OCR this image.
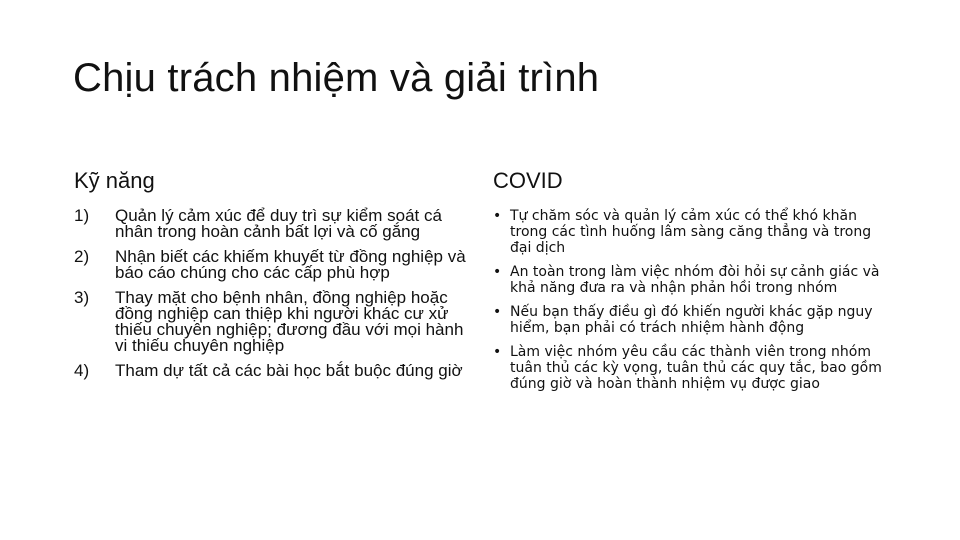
Chịu trách nhiệm và giải trình
Kỹ năng
1)	Quản lý cảm xúc để duy trì sự kiểm soát cá nhân trong hoàn cảnh bất lợi và cố gắng
2)	Nhận biết các khiếm khuyết từ đồng nghiệp và báo cáo chúng cho các cấp phù hợp
3)	Thay mặt cho bệnh nhân, đồng nghiệp hoặc đồng nghiệp can thiệp khi người khác cư xử thiếu chuyên nghiệp; đương đầu với mọi hành vi thiếu chuyên nghiệp
4)	Tham dự tất cả các bài học bắt buộc đúng giờ
COVID
• Tự chăm sóc và quản lý cảm xúc có thể khó khăn trong các tình huống lâm sàng căng thẳng và trong đại dịch
• An toàn trong làm việc nhóm đòi hỏi sự cảnh giác và khả năng đưa ra và nhận phản hồi trong nhóm
• Nếu bạn thấy điều gì đó khiến người khác gặp nguy hiểm, bạn phải có trách nhiệm hành động
• Làm việc nhóm yêu cầu các thành viên trong nhóm tuân thủ các kỳ vọng, tuân thủ các quy tắc, bao gồm đúng giờ và hoàn thành nhiệm vụ được giao
